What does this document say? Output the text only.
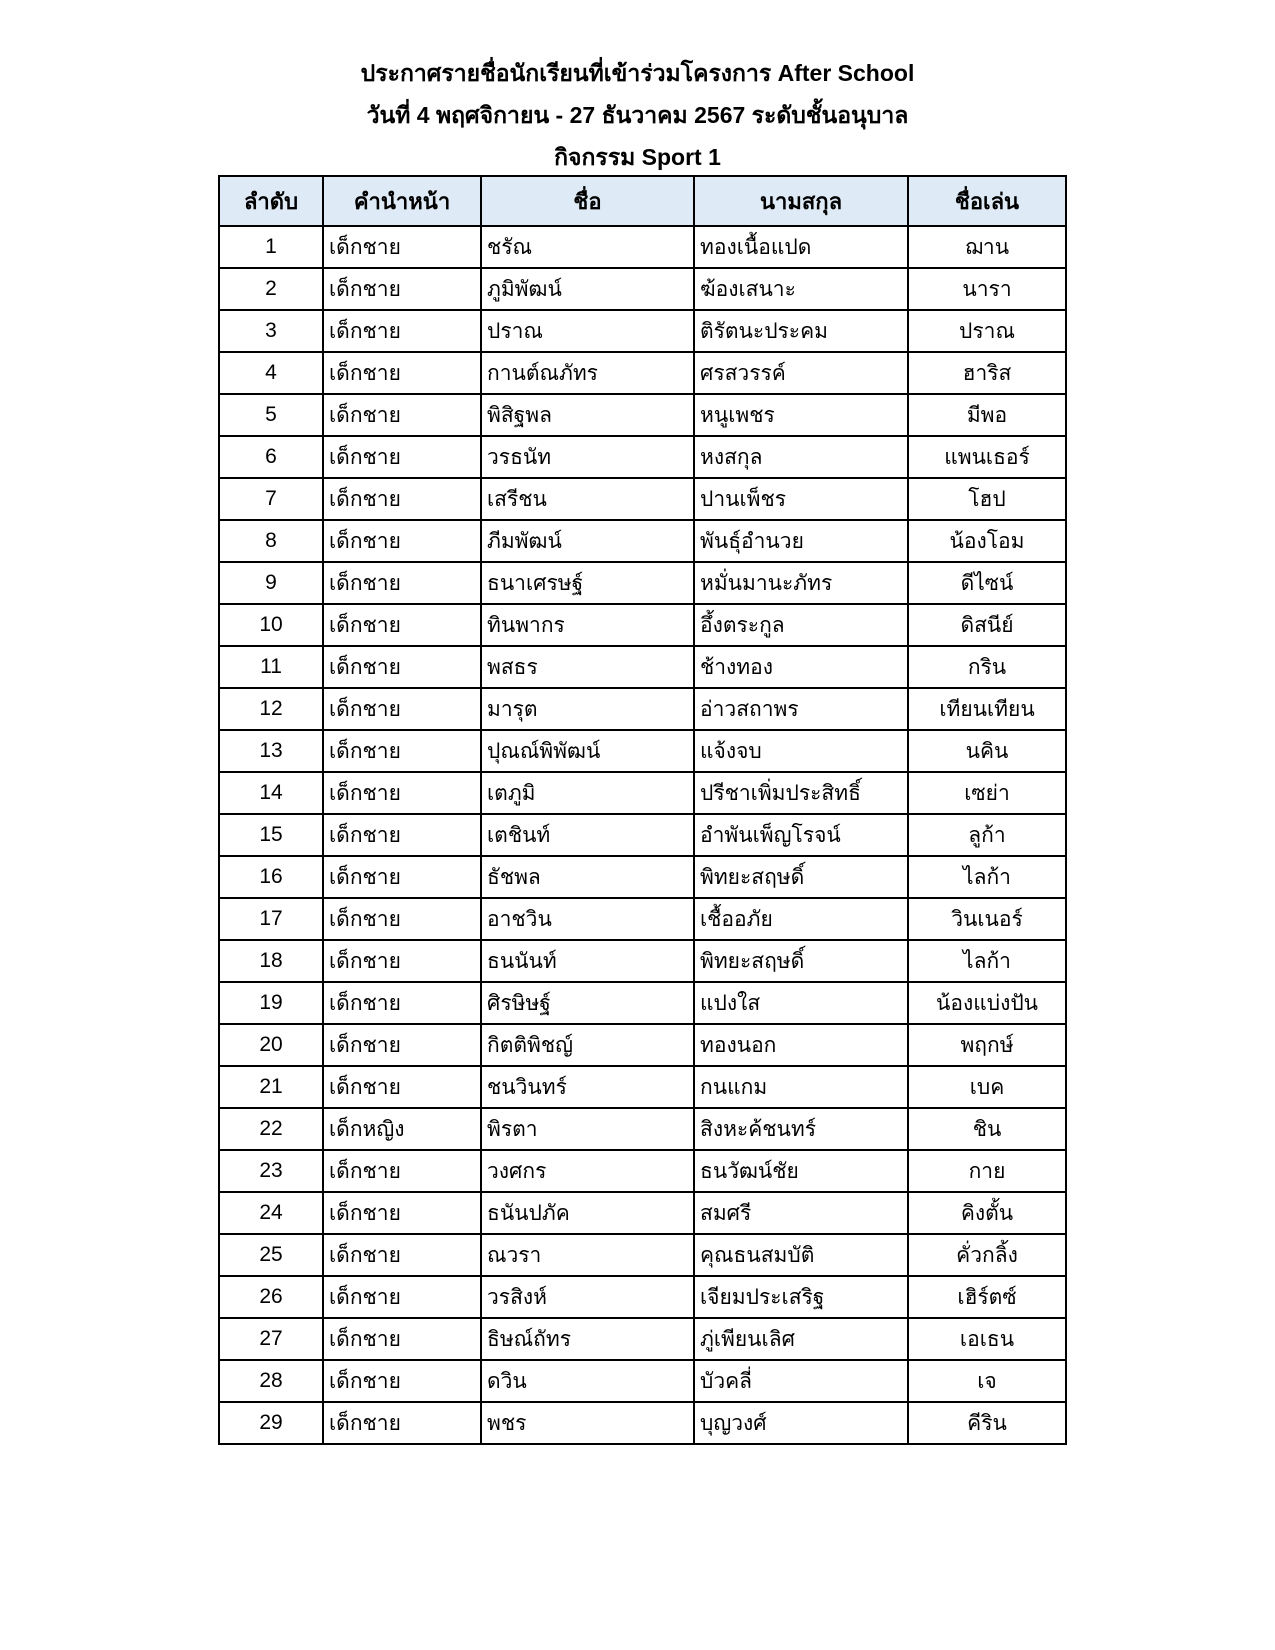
ประกาศรายชื่อนักเรียนที่เข้าร่วมโครงการ After School
วันที่ 4 พฤศจิกายน - 27 ธันวาคม 2567 ระดับชั้นอนุบาล
กิจกรรม Sport 1
ลำดับ	คำนำหน้า	ชื่อ	นามสกุล	ชื่อเล่น
1	เด็กชาย	ชรัณ	ทองเนื้อแปด	ฌาน
2	เด็กชาย	ภูมิพัฒน์	ฆ้องเสนาะ	นารา
3	เด็กชาย	ปราณ	ติรัตนะประคม	ปราณ
4	เด็กชาย	กานต์ณภัทร	ศรสวรรค์	ฮาริส
5	เด็กชาย	พิสิฐพล	หนูเพชร	มีพอ
6	เด็กชาย	วรธนัท	หงสกุล	แพนเธอร์
7	เด็กชาย	เสรีชน	ปานเพ็ชร	โฮป
8	เด็กชาย	ภีมพัฒน์	พันธุ์อำนวย	น้องโอม
9	เด็กชาย	ธนาเศรษฐ์	หมั่นมานะภัทร	ดีไซน์
10	เด็กชาย	ทินพากร	อึ้งตระกูล	ดิสนีย์
11	เด็กชาย	พสธร	ช้างทอง	กริน
12	เด็กชาย	มารุต	อ่าวสถาพร	เทียนเทียน
13	เด็กชาย	ปุณณ์พิพัฒน์	แจ้งจบ	นคิน
14	เด็กชาย	เตภูมิ	ปรีชาเพิ่มประสิทธิ์	เซย่า
15	เด็กชาย	เตชินท์	อำพันเพ็ญโรจน์	ลูก้า
16	เด็กชาย	ธัชพล	พิทยะสฤษดิ์	ไลก้า
17	เด็กชาย	อาชวิน	เชื้ออภัย	วินเนอร์
18	เด็กชาย	ธนนันท์	พิทยะสฤษดิ์	ไลก้า
19	เด็กชาย	ศิรษิษฐ์	แปงใส	น้องแบ่งปัน
20	เด็กชาย	กิตติพิชญ์	ทองนอก	พฤกษ์
21	เด็กชาย	ชนวินทร์	กนแกม	เบค
22	เด็กหญิง	พิรตา	สิงหะค้ชนทร์	ชิน
23	เด็กชาย	วงศกร	ธนวัฒน์ชัย	กาย
24	เด็กชาย	ธนันปภัค	สมศรี	คิงตั้น
25	เด็กชาย	ณวรา	คุณธนสมบัติ	คั่วกลิ้ง
26	เด็กชาย	วรสิงห์	เจียมประเสริฐ	เฮิร์ตซ์
27	เด็กชาย	ธิษณ์ถัทร	ภู่เพียนเลิศ	เอเธน
28	เด็กชาย	ดวิน	บัวคลี่	เจ
29	เด็กชาย	พชร	บุญวงศ์	คีริน
